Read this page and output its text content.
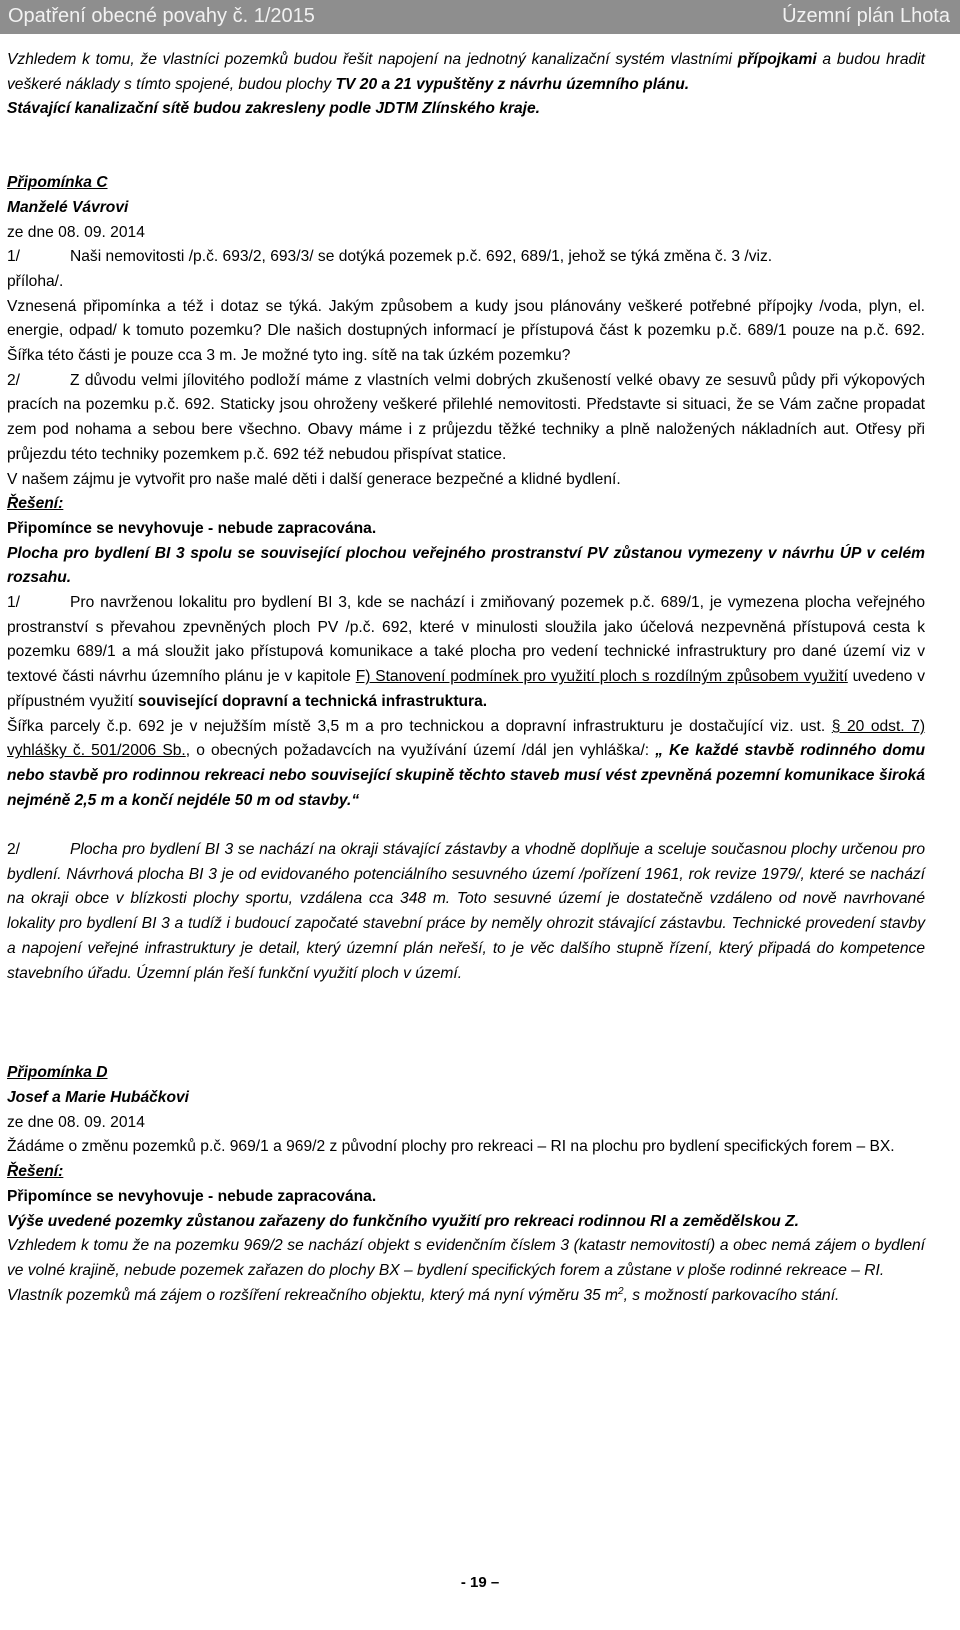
Opatření obecné povahy č. 1/2015	Územní plán Lhota

Vzhledem k tomu, že vlastníci pozemků budou řešit napojení na jednotný kanalizační systém vlastními přípojkami a budou hradit veškeré náklady s tímto spojené, budou plochy TV 20 a 21 vypuštěny z návrhu územního plánu.
Stávající kanalizační sítě budou zakresleny podle JDTM Zlínského kraje.

Připomínka C

Manželé Vávrovi

ze dne 08. 09. 2014

1/	Naši nemovitosti /p.č. 693/2, 693/3/ se dotýká pozemek p.č. 692, 689/1, jehož se týká změna č. 3 /viz.

příloha/.

Vznesená připomínka a též i dotaz se týká. Jakým způsobem a kudy jsou plánovány veškeré potřebné přípojky /voda, plyn, el. energie, odpad/ k tomuto pozemku? Dle našich dostupných informací je přístupová část k pozemku p.č. 689/1 pouze na p.č. 692. Šířka této části je pouze cca 3 m. Je možné tyto ing. sítě na tak úzkém pozemku?

2/	Z důvodu velmi jílovitého podloží máme z vlastních velmi dobrých zkušeností velké obavy ze sesuvů půdy při výkopových pracích na pozemku p.č. 692. Staticky jsou ohroženy veškeré přilehlé nemovitosti. Představte si situaci, že se Vám začne propadat zem pod nohama a sebou bere všechno. Obavy máme i z průjezdu těžké techniky a plně naložených nákladních aut. Otřesy při průjezdu této techniky pozemkem p.č. 692 též nebudou přispívat statice.

V našem zájmu je vytvořit pro naše malé děti i další generace bezpečné a klidné bydlení.

Řešení:

Připomínce se nevyhovuje - nebude zapracována.

Plocha pro bydlení BI 3 spolu se související plochou veřejného prostranství PV zůstanou vymezeny v návrhu ÚP v celém rozsahu.

1/	Pro navrženou lokalitu pro bydlení BI 3, kde se nachází i zmiňovaný pozemek p.č. 689/1, je vymezena plocha veřejného prostranství s převahou zpevněných ploch PV /p.č. 692, které v minulosti sloužila jako účelová nezpevněná přístupová cesta k pozemku 689/1 a má sloužit jako přístupová komunikace a také plocha pro vedení technické infrastruktury pro dané území viz v textové části návrhu územního plánu je v kapitole F) Stanovení podmínek pro využití ploch s rozdílným způsobem využití uvedeno v přípustném využití související dopravní a technická infrastruktura.

Šířka parcely č.p. 692 je v nejužším místě 3,5 m a pro technickou a dopravní infrastrukturu je dostačující viz. ust. § 20 odst. 7) vyhlášky č. 501/2006 Sb., o obecných požadavcích na využívání území /dál jen vyhláška/: „ Ke každé stavbě rodinného domu nebo stavbě pro rodinnou rekreaci nebo související skupině těchto staveb musí vést zpevněná pozemní komunikace široká nejméně 2,5 m a končí nejdéle 50 m od stavby.“

2/	Plocha pro bydlení BI 3 se nachází na okraji stávající zástavby a vhodně doplňuje a sceluje současnou plochy určenou pro bydlení. Návrhová plocha BI 3 je od evidovaného potenciálního sesuvného území /pořízení 1961, rok revize 1979/, které se nachází na okraji obce v blízkosti plochy sportu, vzdálena cca 348 m. Toto sesuvné území je dostatečně vzdáleno od nově navrhované lokality pro bydlení BI 3 a tudíž i budoucí započaté stavební práce by neměly ohrozit stávající zástavbu. Technické provedení stavby a napojení veřejné infrastruktury je detail, který územní plán neřeší, to je věc dalšího stupně řízení, který připadá do kompetence stavebního úřadu. Územní plán řeší funkční využití ploch v území.

Připomínka D

Josef a Marie Hubáčkovi

ze dne 08. 09. 2014

Žádáme o změnu pozemků p.č. 969/1 a 969/2 z původní plochy pro rekreaci – RI na plochu pro bydlení specifických forem – BX.

Řešení:

Připomínce se nevyhovuje - nebude zapracována.

Výše uvedené pozemky zůstanou zařazeny do funkčního využití pro rekreaci rodinnou RI a zemědělskou Z.

Vzhledem k tomu že na pozemku 969/2 se nachází objekt s evidenčním číslem 3 (katastr nemovitostí) a obec nemá zájem o bydlení ve volné krajině, nebude pozemek zařazen do plochy BX – bydlení specifických forem a zůstane v ploše rodinné rekreace – RI.

Vlastník pozemků má zájem o rozšíření rekreačního objektu, který má nyní výměru 35 $m^2$, s možností parkovacího stání.

- 19 –
